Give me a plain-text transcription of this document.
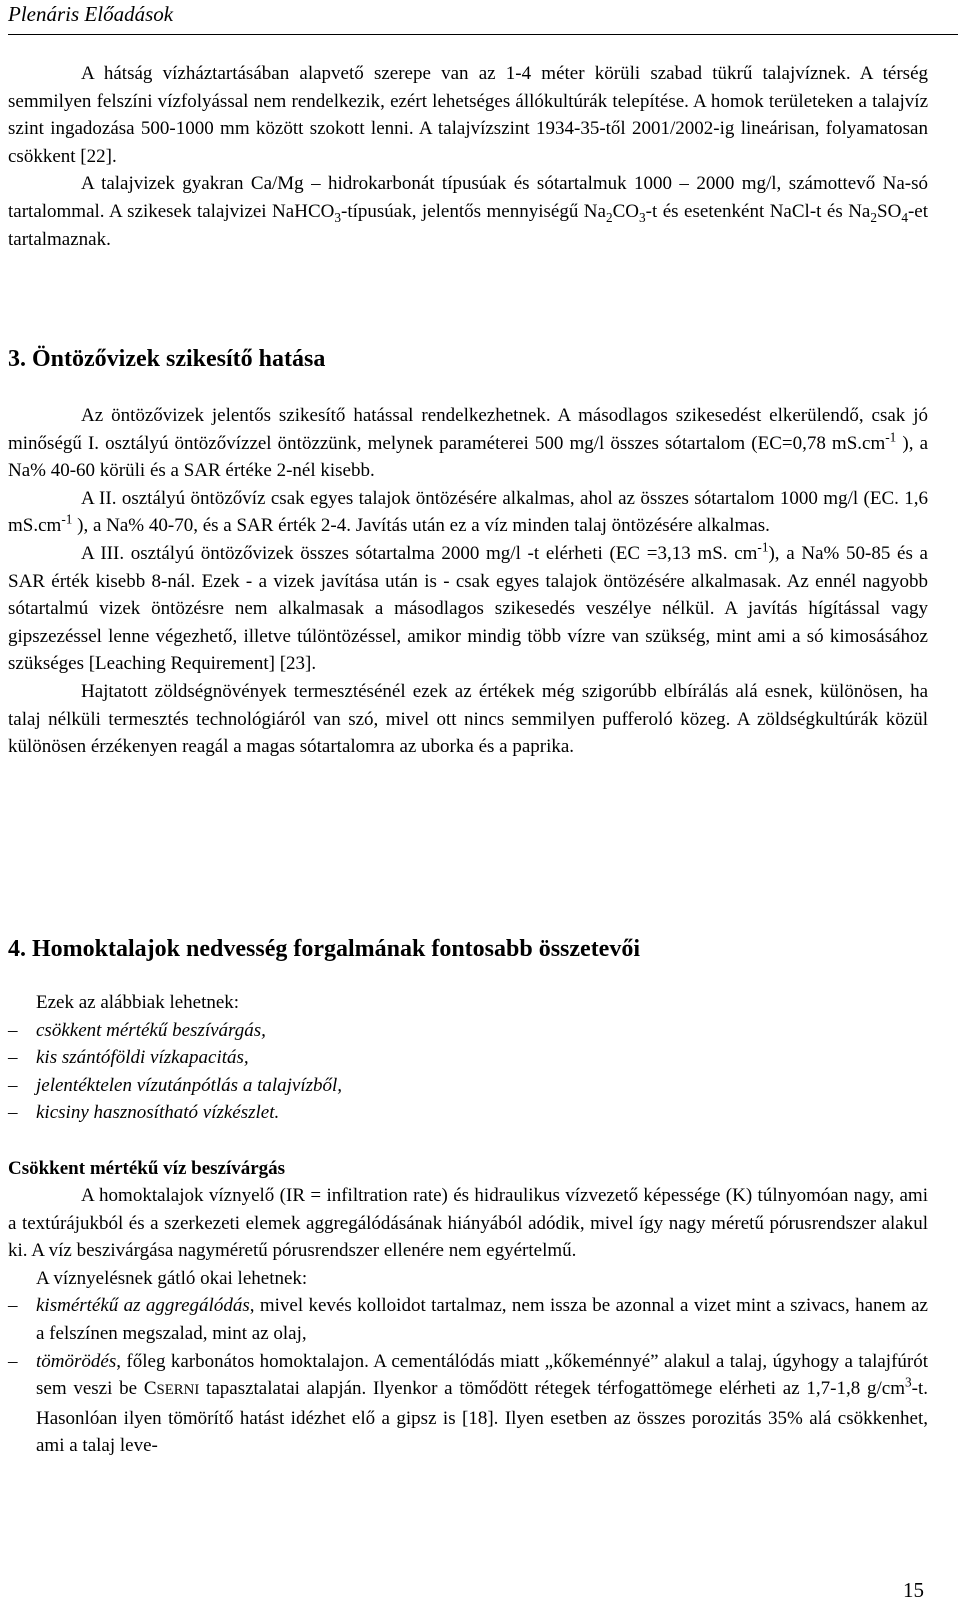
Plenáris Előadások

A hátság vízháztartásában alapvető szerepe van az 1-4 méter körüli szabad tükrű talajvíznek. A térség semmilyen felszíni vízfolyással nem rendelkezik, ezért lehetséges állókultúrák telepítése. A homok területeken a talajvíz szint ingadozása 500-1000 mm között szokott lenni. A talajvízszint 1934-35-től 2001/2002-ig lineárisan, folyamatosan csökkent [22].

A talajvizek gyakran Ca/Mg – hidrokarbonát típusúak és sótartalmuk 1000 – 2000 mg/l, számottevő Na-só tartalommal. A szikesek talajvizei NaHCO$_3$-típusúak, jelentős mennyiségű $Na_2CO_3-t$ és esetenként NaCl-t és $Na_2SO_4-et$ tartalmaznak.

3. Öntözővizek szikesítő hatása

Az öntözővizek jelentős szikesítő hatással rendelkezhetnek. A másodlagos szikesedést elkerülendő, csak jó minőségű I. osztályú öntözővízzel öntözzünk, melynek paraméterei 500 mg/l összes sótartalom (EC=0,78 $mS.cm^{-1}$ ), a Na% 40-60 körüli és a SAR értéke 2-nél kisebb.

A II. osztályú öntözővíz csak egyes talajok öntözésére alkalmas, ahol az összes sótartalom 1000 mg/l (EC. 1,6 $mS.cm^{-1}$ ), a Na% 40-70, és a SAR érték 2-4. Javítás után ez a víz minden talaj öntözésére alkalmas.

A III. osztályú öntözővizek összes sótartalma 2000 mg/l -t elérheti (EC =3,13 mS. $cm^{-1}$), a Na% 50-85 és a SAR érték kisebb 8-nál. Ezek - a vizek javítása után is - csak egyes talajok öntözésére alkalmasak. Az ennél nagyobb sótartalmú vizek öntözésre nem alkalmasak a másodlagos szikesedés veszélye nélkül. A javítás hígítással vagy gipszezéssel lenne végezhető, illetve túlöntözéssel, amikor mindig több vízre van szükség, mint ami a só kimosásához szükséges [Leaching Requirement] [23].

Hajtatott zöldségnövények termesztésénél ezek az értékek még szigorúbb elbírálás alá esnek, különösen, ha talaj nélküli termesztés technológiáról van szó, mivel ott nincs semmilyen pufferoló közeg. A zöldségkultúrák közül különösen érzékenyen reagál a magas sótartalomra az uborka és a paprika.

4. Homoktalajok nedvesség forgalmának fontosabb összetevői

Ezek az alábbiak lehetnek:

– csökkent mértékű beszívárgás,
– kis szántóföldi vízkapacitás,
– jelentéktelen vízutánpótlás a talajvízből,
– kicsiny hasznosítható vízkészlet.
Csökkent mértékű víz beszívárgás

A homoktalajok víznyelő (IR = infiltration rate) és hidraulikus vízvezető képessége (K) túlnyomóan nagy, ami a textúrájukból és a szerkezeti elemek aggregálódásának hiányából adódik, mivel így nagy méretű pórusrendszer alakul ki. A víz beszivárgása nagyméretű pórusrendszer ellenére nem egyértelmű.

A víznyelésnek gátló okai lehetnek:

– kismértékű az aggregálódás, mivel kevés kolloidot tartalmaz, nem issza be azonnal a vizet mint a szivacs, hanem az a felszínen megszalad, mint az olaj,
– tömörödés, főleg karbonátos homoktalajon. A cementálódás miatt „kőkeménnyé” alakul a talaj, úgyhogy a talajfúrót sem veszi be CSERNI tapasztalatai alapján. Ilyenkor a tömődött rétegek térfogattömege elérheti az 1,7-1,8 $g/cm^3-t$. Hasonlóan ilyen tömörítő hatást idézhet elő a gipsz is [18]. Ilyen esetben az összes porozitás 35% alá csökkenhet, ami a talaj leve-
15
